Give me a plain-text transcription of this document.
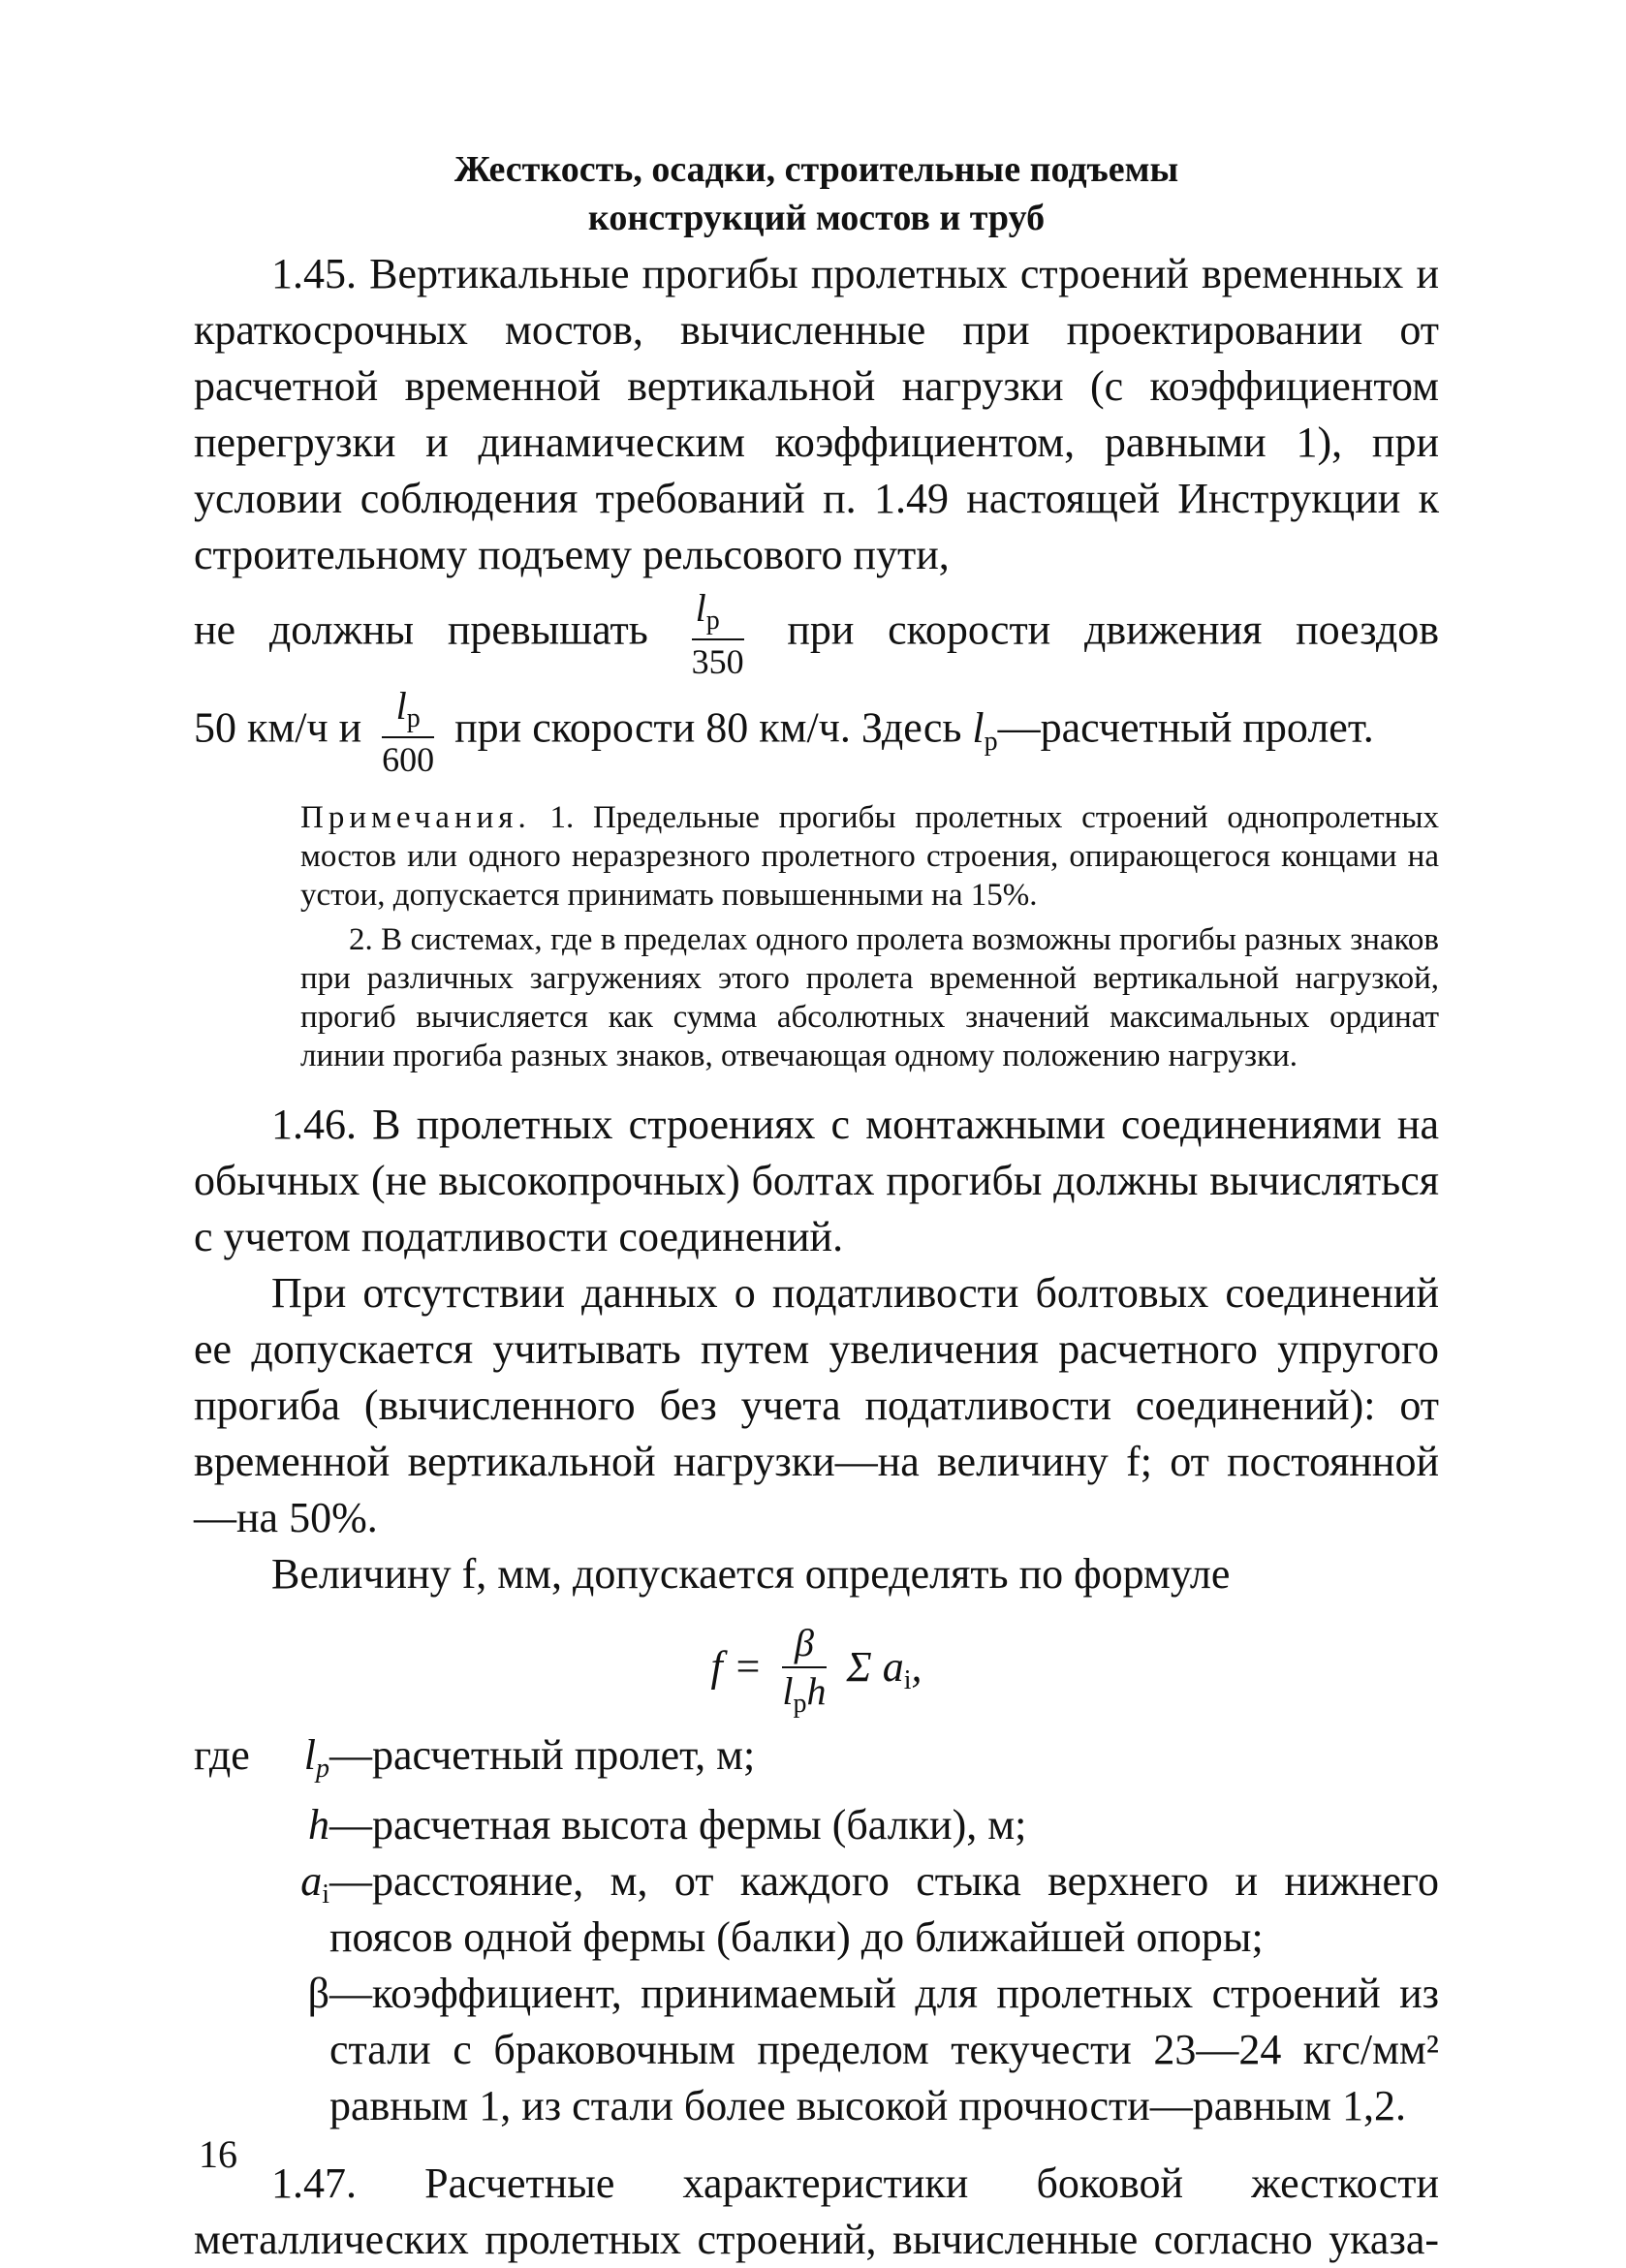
Жесткость, осадки, строительные подъемы
конструкций мостов и труб

1.45. Вертикальные прогибы пролетных строений временных и краткосрочных мостов, вычисленные при проектировании от расчетной временной вертикальной нагрузки (с коэффициентом перегрузки и динамическим коэффициентом, равными 1), при условии соблюдения требований п. 1.49 настоящей Инструкции к строительному подъему рельсового пути,

не должны превышать $\frac{l_p}{350}$ при скорости движения поездов

50 км/ч и $\frac{l_p}{600}$ при скорости 80 км/ч. Здесь $l_p—расчетный$ пролет.

Примечания. 1. Предельные прогибы пролетных строений однопролетных мостов или одного неразрезного пролетного строения, опирающегося концами на устои, допускается принимать повышенными на 15%.
2. В системах, где в пределах одного пролета возможны прогибы разных знаков при различных загружениях этого пролета временной вертикальной нагрузкой, прогиб вычисляется как сумма абсолютных значений максимальных ординат линии прогиба разных знаков, отвечающая одному положению нагрузки.

1.46. В пролетных строениях с монтажными соединениями на обычных (не высокопрочных) болтах прогибы должны вычисляться с учетом податливости соединений.

При отсутствии данных о податливости болтовых соединений ее допускается учитывать путем увеличения расчетного упругого прогиба (вычисленного без учета податливости соединений): от временной вертикальной нагрузки—на величину f; от постоянной—на 50%.

Величину f, мм, допускается определять по формуле

$f = \frac{\beta}{l_ph}$ Σ $a_i$,
где $l_p$ —расчетный пролет, м;
h —расчетная высота фермы (балки), м;
$a_i$ —расстояние, м, от каждого стыка верхнего и нижнего поясов одной фермы (балки) до ближайшей опоры;
β —коэффициент, принимаемый для пролетных строений из стали с браковочным пределом текучести 23—24 кгс/мм² равным 1, из стали более высокой прочности—равным 1,2.

1.47. Расчетные характеристики боковой жесткости металлических пролетных строений, вычисленные согласно указа-

16
